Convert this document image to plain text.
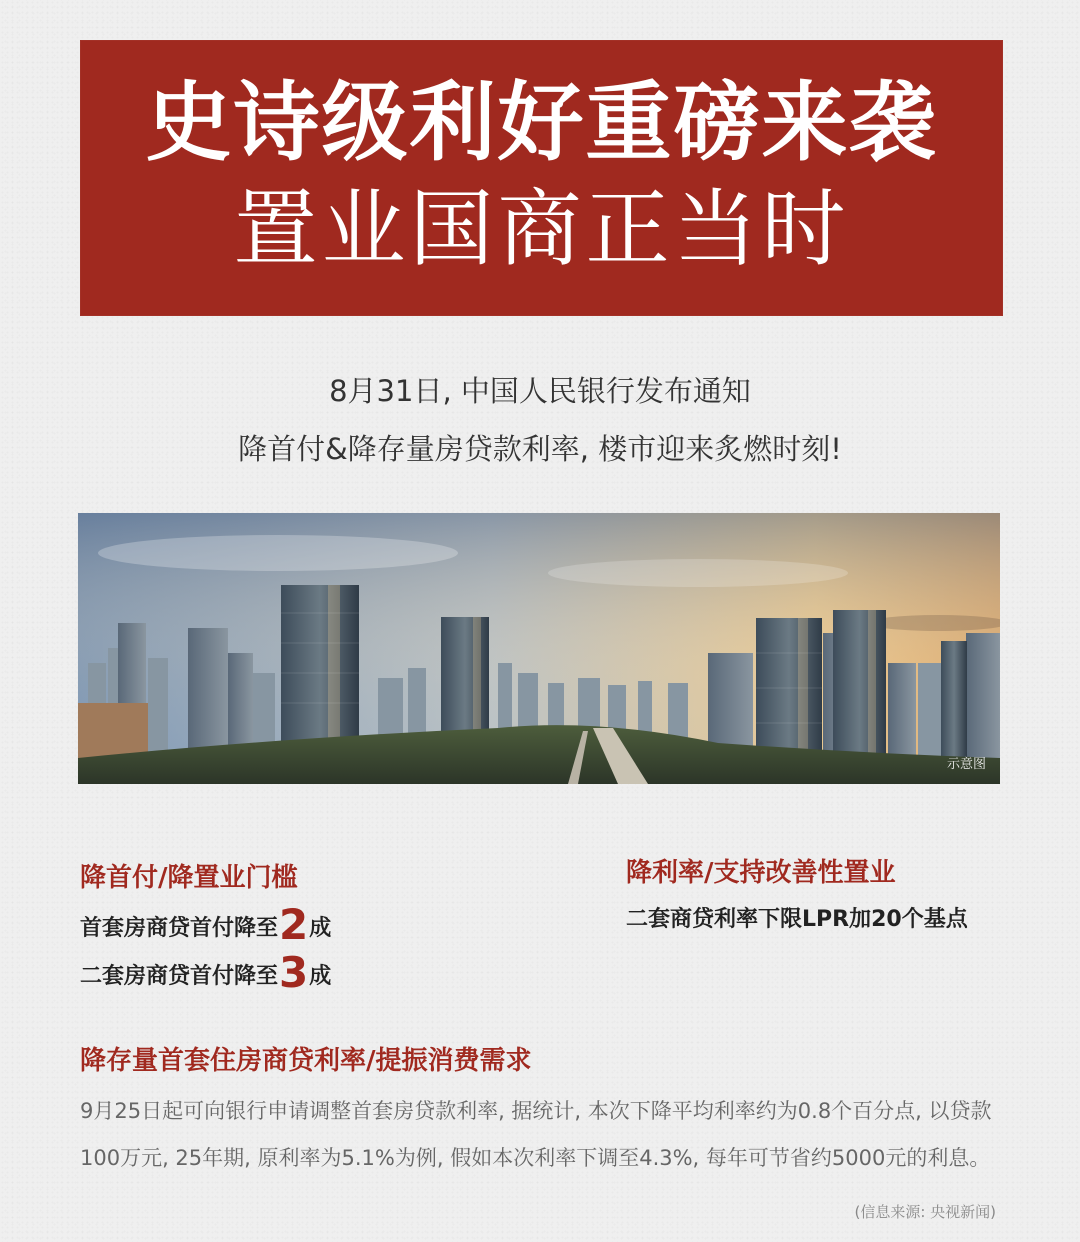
史诗级利好重磅来袭
置业国商正当时
8月31日, 中国人民银行发布通知
降首付&降存量房贷款利率, 楼市迎来炙燃时刻!
示意图
降首付/降置业门槛
首套房商贷首付降至2成
二套房商贷首付降至3成
降利率/支持改善性置业
二套商贷利率下限LPR加20个基点
降存量首套住房商贷利率/提振消费需求
9月25日起可向银行申请调整首套房贷款利率, 据统计, 本次下降平均利率约为0.8个百分点, 以贷款100万元, 25年期, 原利率为5.1%为例, 假如本次利率下调至4.3%, 每年可节省约5000元的利息。
(信息来源: 央视新闻)
